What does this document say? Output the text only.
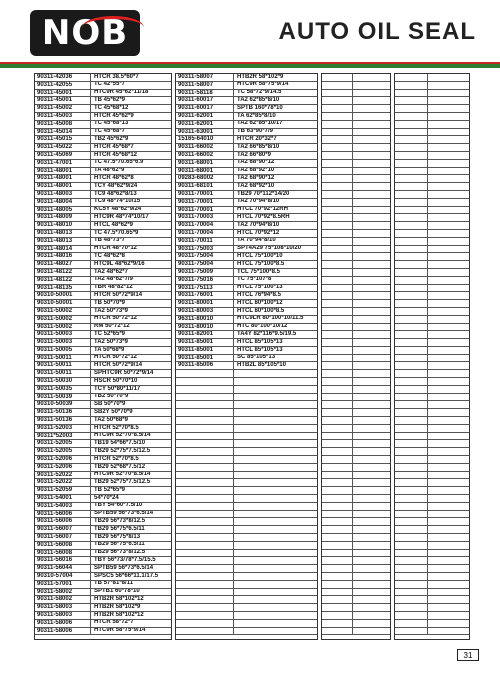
NOB	AUTO OIL SEAL
90311-42036	HTCR 38.5*60*7
90311-42055	TC 42*55*7
90311-45001	HTC9R 45*62*11/18
90311-45001	TB 45*62*9
90311-45002	TC 45*68*12
90311-45003	HTCR 45*62*9
90311-45008	TC 45*68*13
90311-45014	TC 45*68*7
90311-45015	TB2 45*62*9
90311-45022	HTCR 45*68*7
90311-45069	HTCR 45*68*12
90311-47001	TC 47.5*70.65*6.9
90311-48001	TA 48*62*9
90311-48001	HTCR 48*62*8
90311-48001	TCY 48*62*9/24
90311-48003	TC9 48*62*8/13
90311-48004	TC9 48*74*10/15
90311-48005	KC5Y 48*62*9/24
90311-48009	HTC9R 48*74*10/17
90311-48010	HTCL 48*62*9
90311-48013	TC 47.5*70.65*9
90311-48013	TB 48*73*7
90311-48014	HTCR 48*70*12
90311-48016	TC 48*62*8
90311-48027	HTC9L 48*62*9/16
90311-48122	TA2 48*62*7
90311-48122	TA2 48*62*7/9
90311-48135	TBR 48*82*12
90310-50001	HTCR 50*72*9/14
90310-50001	TB 50*70*9
90311-50002	TA2 50*73*9
90311-50002	HTCR 50*72*12
90311-50002	RM 50*72*12
90311-50003	TC 52*65*9
90311-50003	TA2 50*73*9
90311-50005	TA 50*68*9
90311-50011	HTCR 50*72*12
90311-50011	HTCR 50*72*9/14
90311-50011	SPHTC9R 50*72*9/14
90311-50030	HSCR 50*70*10
90311-50035	TCY 50*80*11/17
90311-50039	TB2 50*70*9
90310-50039	SB 50*70*9
90311-50136	SB2Y 50*70*9
90311-50136	TA2 50*68*9
90311-52003	HTCR 52*70*8.5
90311*52003	HTC9R 52*70*8.5/14
90311-52005	TB19 54*66*7.5/10
90311-52005	TB29 52*75*7.5/12.5
90311-52006	HTCR 52*70*8.5
90311-52006	TB29 52*68*7.5/12
90311-52022	HTC9R 52*70*8.5/14
90311-52022	TB29 52*75*7.5/12.5
90311-52059	TB 52*65*9
90311-54001	54*70*24
90311-54003	TBY 54*60*7.5/10
90311-56006	SPTB59 56*73*6.5/14
90311-56006	TB29 56*73*8/12.5
90311-56007	TB29 56*75*6.5/11
90311-56007	TB29 56*75*8/13
90311-56008	TB29 56*75*6.5/11
90311-56008	TB29 56*73*8/12.5
90311-56016	TBY 56*73/78*7.5/15.5
90311-56044	SPTB59 56*73*6.5/14
90310-57004	SPSC5 56*66*11.1/17.5
90311-57001	TB 57*81*8/11
90311-58002	SPTB1 60*78*10
90311-58002	HTB2R 58*102*12
90311-58003	HTB2R 58*102*9
90311-58003	HTB2R 58*102*12
90311-58006	HTCR 58*72*7
90311-58006	HTC9R 58*75*9/14
90311-58007	HTB2R 58*102*9
90311-58007	HTC9R 58*75*9/14
90311-58118	TC 58*72*9/14.5
90311-60017	TA2 62*85*8/10
90311-60017	SPTB 160*78*10
90311-62001	TA 62*85*8/10
90311-62001	TA2 62*85*10/17
90311-63001	TB 63*90*7/9
15165-64010	HTCR 20*32*7
90311-66002	TA2 66*85*8/10
90311-66002	TA2 66*80*9
90311-68001	TA2 68*90*12
90311-68001	TA2 68*92*10
09283-68002	TA2 68*90*12
90311-68101	TA2 68*92*10
90311-70001	TB29 70*112*14/20
90311-70001	TA2 70*94*8/10
90311-70001	HTCL 70*92*12RH
90311-70003	HTCL 70*92*8.5RH
90311-70004	TA2 70*94*8/10
90311-70004	HTCL 70*92*12
90311-70011	TA 70*94*8/10
90311-75003	SPT4A29 75*108*10/20
90311-75004	HTCL 75*100*10
90311-75004	HTCL 75*100*8.5
90311-75009	TCL 75*100*8.5
90311-75016	TC 75*107*8
90311-75113	HTCL 75*100*13
90311-76001	HTCL 76*94*8.5
90311-80001	HTCL 80*100*12
90311-80003	HTCL 80*100*8.5
96311-80010	HTC9LR 80*100*10/11.5
90311-80010	HTC 80*100*10/12
90311-82001	TA4Y 82*116*9.5/19.5
90311-85001	HTCL 85*105*13
90311-85001	HTCL 85*105*13
90311-85001	SC 85*105*13
90311-85006	HTB2L 85*105*10
31
